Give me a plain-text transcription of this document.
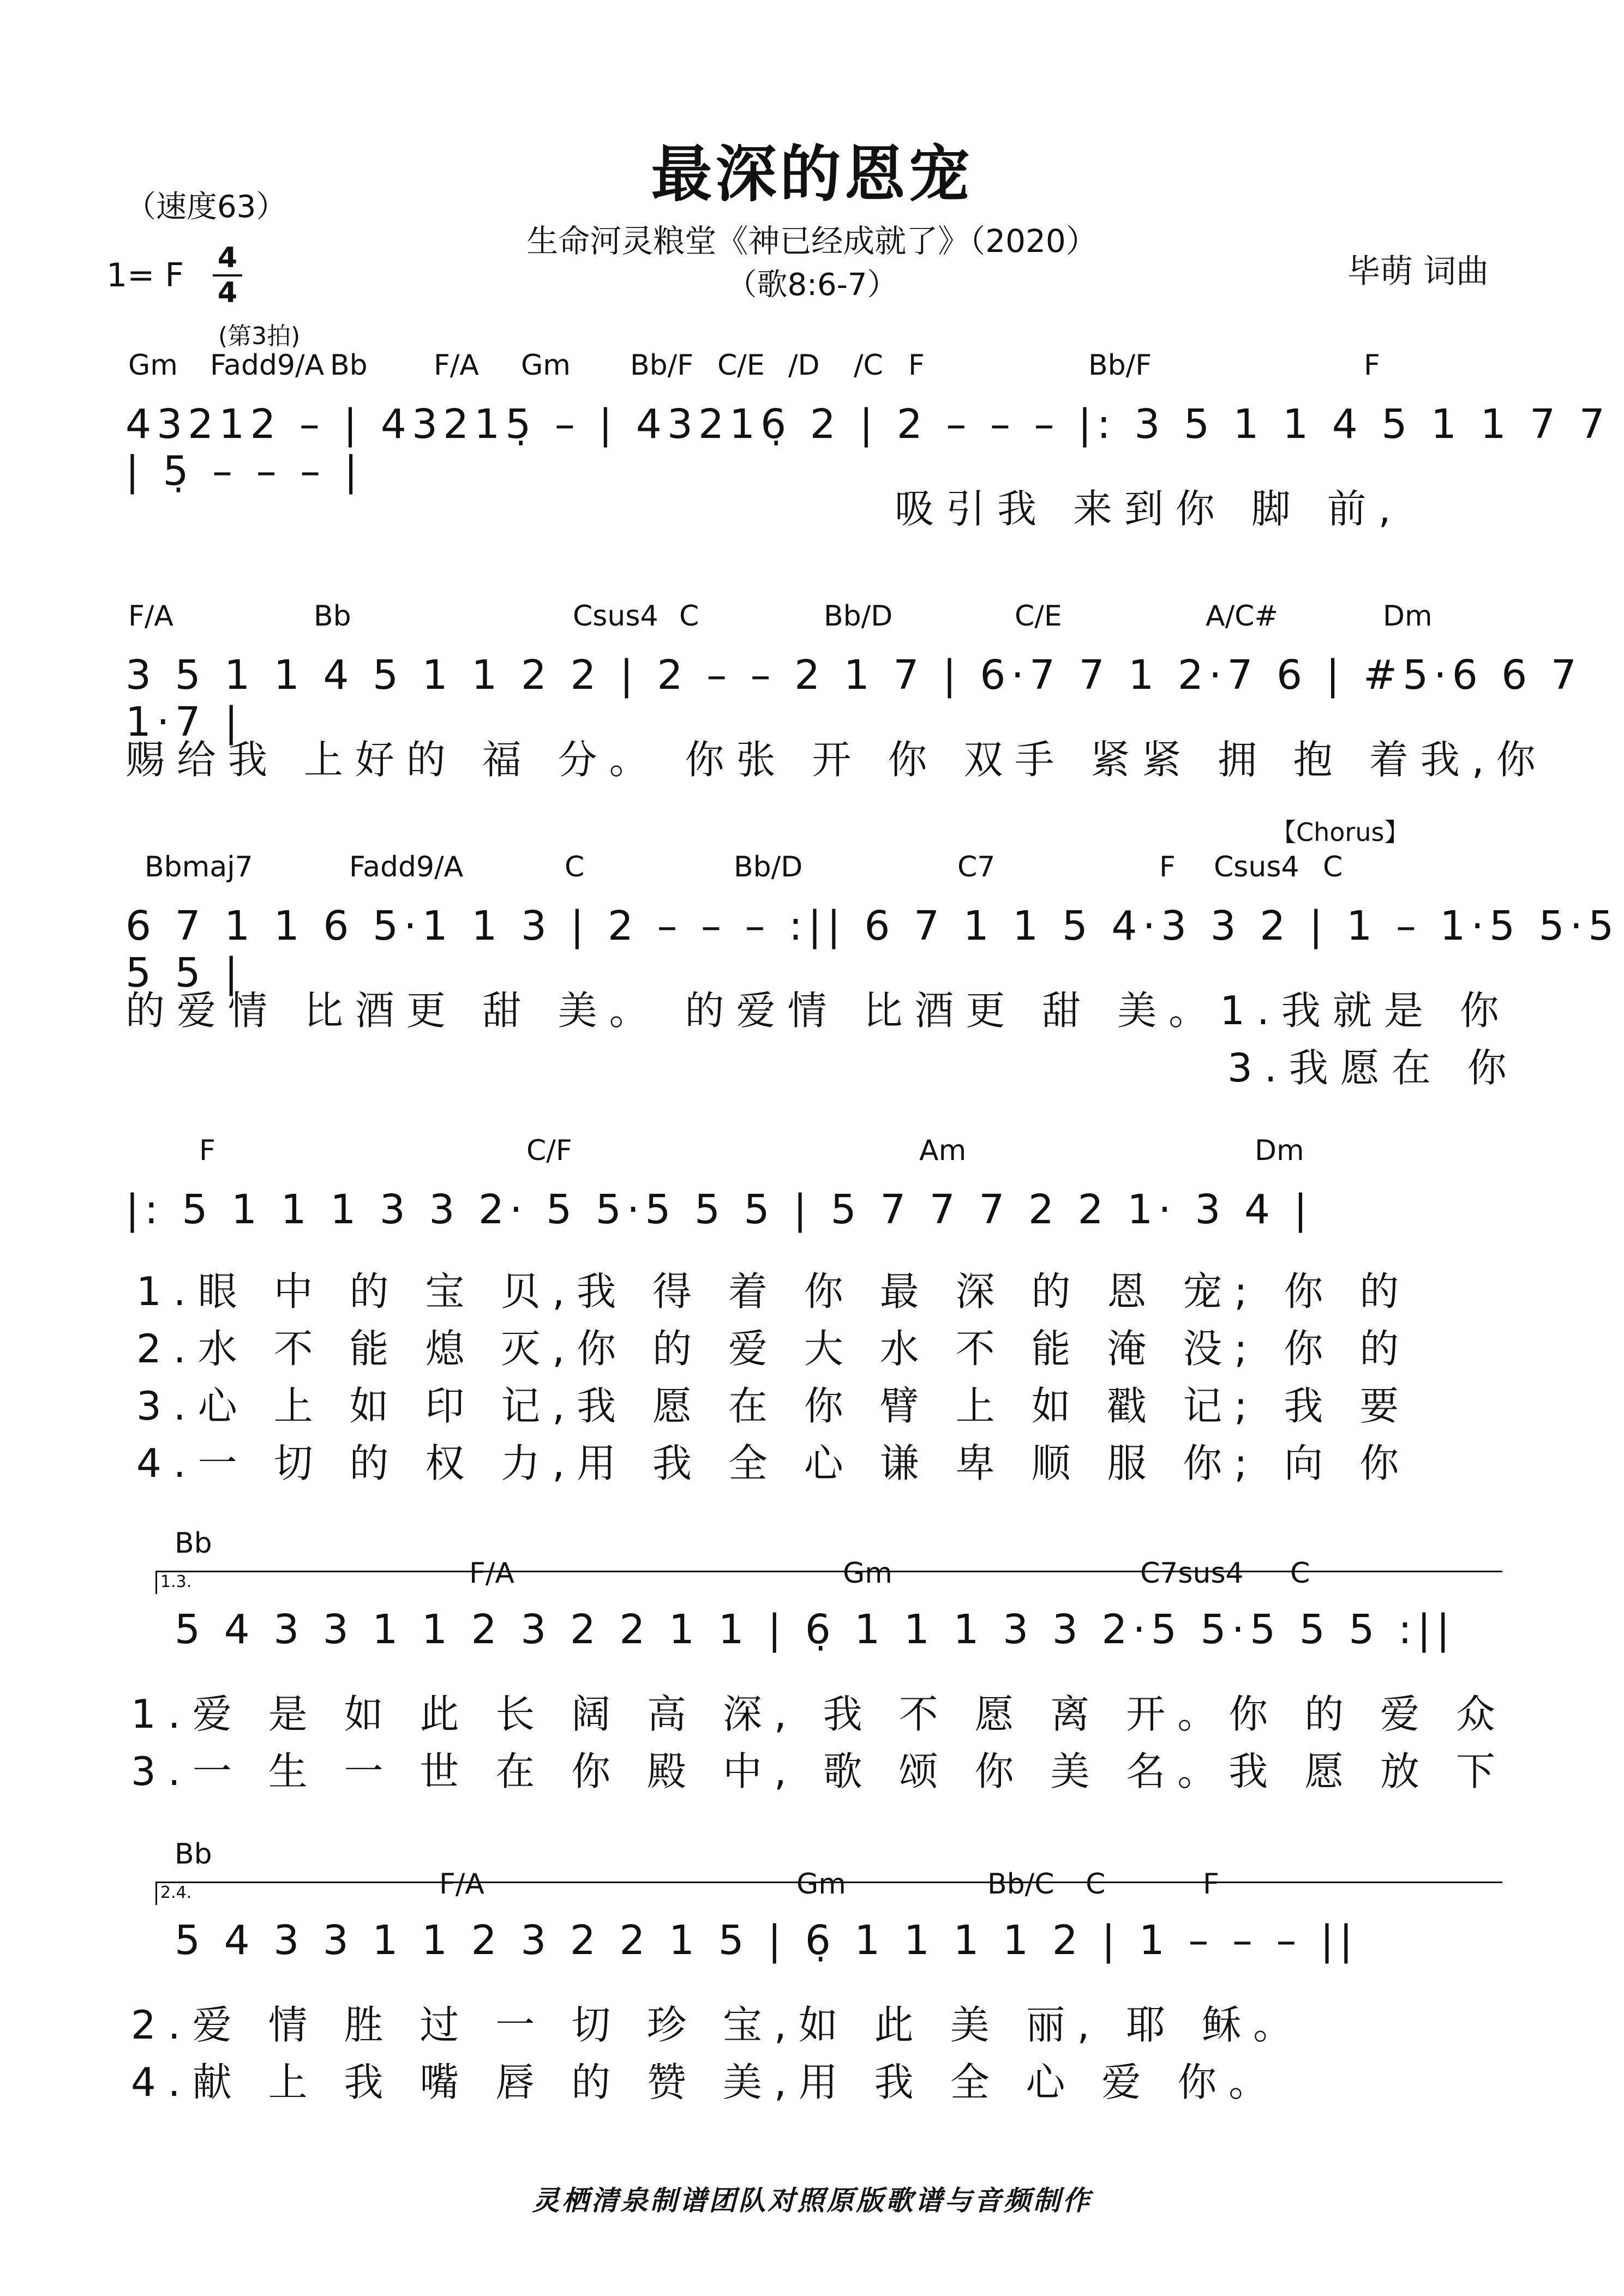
最深的恩宠
生命河灵粮堂《神已经成就了》（2020）
（歌8:6-7）
（速度63）
1= F 4
4
毕萌 词曲
(第3拍)
Gm Fadd9/A Bb F/A Gm Bb/F C/E /D /C F	Bb/F	F
43212 – | 43215̣ – | 43216̣ 2 | 2 – – – |: 3 5 1 1 4 5 1 1 7 7 | 5̣ – – – |
吸引我 来到你 脚 前,
F/A	Bb	Csus4 C	Bb/D	C/E	A/C#	Dm
3 5 1 1 4 5 1 1 2 2 | 2 – – 2 1 7 | 6·7 7 1 2·7 6 | #5·6 6 7 1·7 |
赐给我 上好的 福 分。 你张 开 你 双手 紧紧 拥 抱 着我,你
【Chorus】
Bbmaj7	Fadd9/A	C	Bb/D	C7	F Csus4 C
6 7 1 1 6 5·1 1 3 | 2 – – – :|| 6 7 1 1 5 4·3 3 2 | 1 – 1·5 5·5 5 5 |
的爱情 比酒更 甜 美。 的爱情 比酒更 甜 美。1.我就是 你
3.我愿在 你
F	C/F	Am	Dm
|: 5 1 1 1 3 3 2· 5 5·5 5 5 | 5 7 7 7 2 2 1· 3 4 |
1.眼 中 的 宝 贝,我 得 着 你 最 深 的 恩 宠; 你 的
2.水 不 能 熄 灭,你 的 爱 大 水 不 能 淹 没; 你 的
3.心 上 如 印 记,我 愿 在 你 臂 上 如 戳 记; 我 要
4.一 切 的 权 力,用 我 全 心 谦 卑 顺 服 你; 向 你
Bb
F/A	Gm	C7sus4 C
1.3.
5 4 3 3 1 1 2 3 2 2 1 1 | 6̣ 1 1 1 3 3 2·5 5·5 5 5 :||
1.爱 是 如 此 长 阔 高 深, 我 不 愿 离 开。你 的 爱 众
3.一 生 一 世 在 你 殿 中, 歌 颂 你 美 名。我 愿 放 下
Bb
F/A	Gm	Bb/C C	F
2.4.
5 4 3 3 1 1 2 3 2 2 1 5 | 6̣ 1 1 1 1 2 | 1 – – – ||
2.爱 情 胜 过 一 切 珍 宝,如 此 美 丽, 耶 稣。
4.献 上 我 嘴 唇 的 赞 美,用 我 全 心 爱 你。
灵栖清泉制谱团队对照原版歌谱与音频制作
